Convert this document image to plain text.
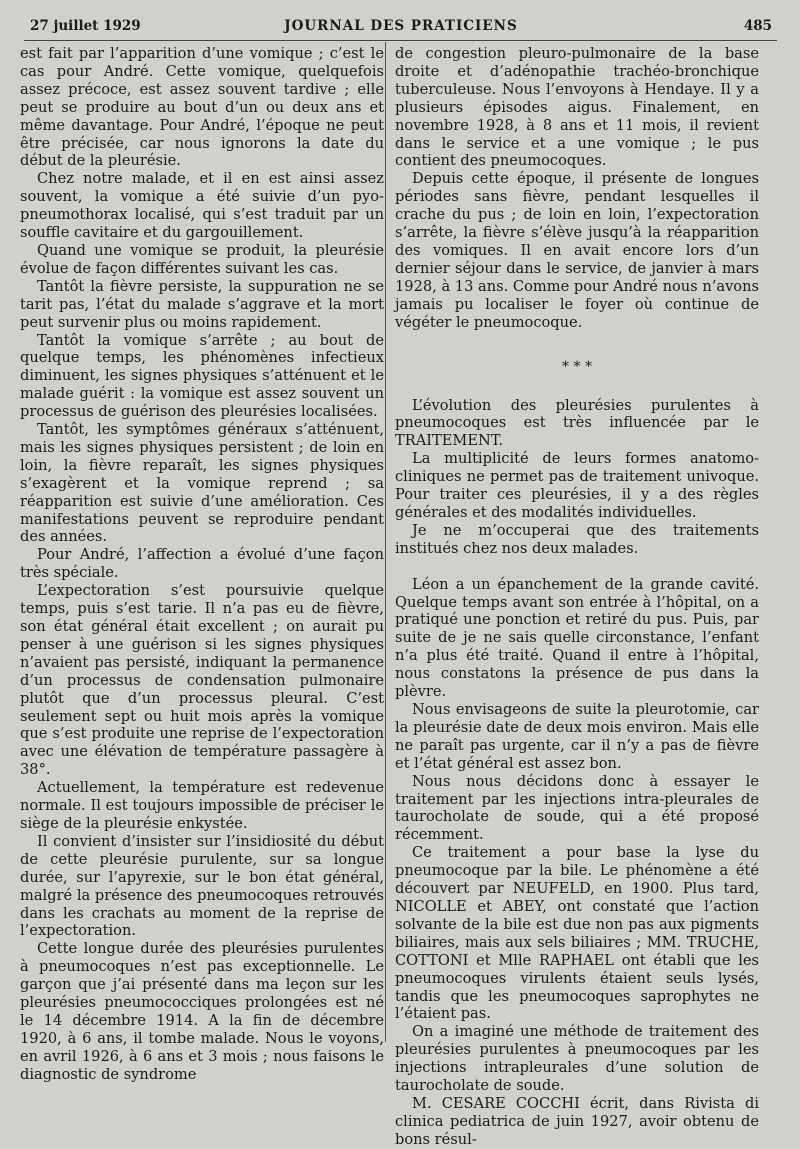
27 juillet 1929	JOURNAL DES PRATICIENS	485

est fait par l’apparition d’une vomique ; c’est le cas pour André. Cette vomique, quelquefois assez précoce, est assez souvent tardive ; elle peut se produire au bout d’un ou deux ans et même davantage. Pour André, l’époque ne peut être précisée, car nous ignorons la date du début de la pleurésie.

Chez notre malade, et il en est ainsi assez souvent, la vomique a été suivie d’un pyo-pneumothorax localisé, qui s’est traduit par un souffle cavitaire et du gargouillement.

Quand une vomique se produit, la pleurésie évolue de façon différentes suivant les cas.

Tantôt la fièvre persiste, la suppuration ne se tarit pas, l’état du malade s’aggrave et la mort peut survenir plus ou moins rapidement.

Tantôt la vomique s’arrête ; au bout de quelque temps, les phénomènes infectieux diminuent, les signes physiques s’atténuent et le malade guérit : la vomique est assez souvent un processus de guérison des pleurésies localisées.

Tantôt, les symptômes généraux s’atténuent, mais les signes physiques persistent ; de loin en loin, la fièvre reparaît, les signes physiques s’exagèrent et la vomique reprend ; sa réapparition est suivie d’une amélioration. Ces manifestations peuvent se reproduire pendant des années.

Pour André, l’affection a évolué d’une façon très spéciale.

L’expectoration s’est poursuivie quelque temps, puis s’est tarie. Il n’a pas eu de fièvre, son état général était excellent ; on aurait pu penser à une guérison si les signes physiques n’avaient pas persisté, indiquant la permanence d’un processus de condensation pulmonaire plutôt que d’un processus pleural. C’est seulement sept ou huit mois après la vomique que s’est produite une reprise de l’expectoration avec une élévation de température passagère à 38°.

Actuellement, la température est redevenue normale. Il est toujours impossible de préciser le siège de la pleurésie enkystée.

Il convient d’insister sur l’insidiosité du début de cette pleurésie purulente, sur sa longue durée, sur l’apyrexie, sur le bon état général, malgré la présence des pneumocoques retrouvés dans les crachats au moment de la reprise de l’expectoration.

Cette longue durée des pleurésies purulentes à pneumocoques n’est pas exceptionnelle. Le garçon que j’ai présenté dans ma leçon sur les pleurésies pneumococciques prolongées est né le 14 décembre 1914. A la fin de décembre 1920, à 6 ans, il tombe malade. Nous le voyons, en avril 1926, à 6 ans et 3 mois ; nous faisons le diagnostic de syndrome

de congestion pleuro-pulmonaire de la base droite et d’adénopathie trachéo-bronchique tuberculeuse. Nous l’envoyons à Hendaye. Il y a plusieurs épisodes aigus. Finalement, en novembre 1928, à 8 ans et 11 mois, il revient dans le service et a une vomique ; le pus contient des pneumocoques.

Depuis cette époque, il présente de longues périodes sans fièvre, pendant lesquelles il crache du pus ; de loin en loin, l’expectoration s’arrête, la fièvre s’élève jusqu’à la réapparition des vomiques. Il en avait encore lors d’un dernier séjour dans le service, de janvier à mars 1928, à 13 ans. Comme pour André nous n’avons jamais pu localiser le foyer où continue de végéter le pneumocoque.

* * *

L’évolution des pleurésies purulentes à pneumocoques est très influencée par le TRAITEMENT.

La multiplicité de leurs formes anatomo-cliniques ne permet pas de traitement univoque. Pour traiter ces pleurésies, il y a des règles générales et des modalités individuelles.

Je ne m’occuperai que des traitements institués chez nos deux malades.

Léon a un épanchement de la grande cavité. Quelque temps avant son entrée à l’hôpital, on a pratiqué une ponction et retiré du pus. Puis, par suite de je ne sais quelle circonstance, l’enfant n’a plus été traité. Quand il entre à l’hôpital, nous constatons la présence de pus dans la plèvre.

Nous envisageons de suite la pleurotomie, car la pleurésie date de deux mois environ. Mais elle ne paraît pas urgente, car il n’y a pas de fièvre et l’état général est assez bon.

Nous nous décidons donc à essayer le traitement par les injections intra-pleurales de taurocholate de soude, qui a été proposé récemment.

Ce traitement a pour base la lyse du pneumocoque par la bile. Le phénomène a été découvert par NEUFELD, en 1900. Plus tard, NICOLLE et ABEY, ont constaté que l’action solvante de la bile est due non pas aux pigments biliaires, mais aux sels biliaires ; MM. TRUCHE, COTTONI et Mlle RAPHAEL ont établi que les pneumocoques virulents étaient seuls lysés, tandis que les pneumocoques saprophytes ne l’étaient pas.

On a imaginé une méthode de traitement des pleurésies purulentes à pneumocoques par les injections intrapleurales d’une solution de taurocholate de soude.

M. CESARE COCCHI écrit, dans Rivista di clinica pediatrica de juin 1927, avoir obtenu de bons résul-
